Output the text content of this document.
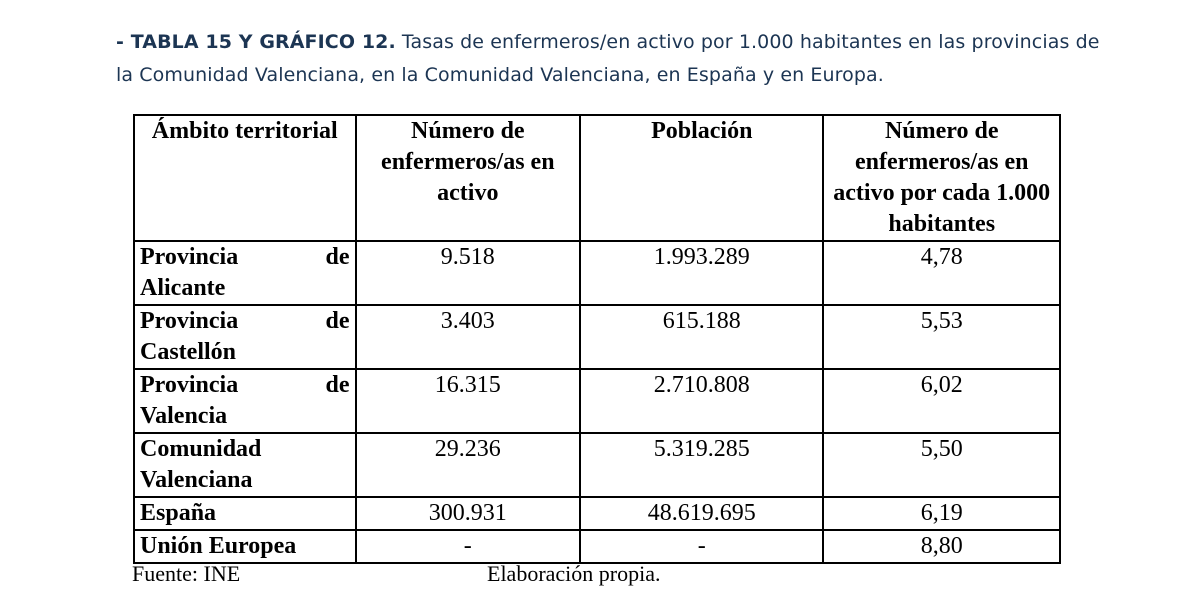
- TABLA 15 Y GRÁFICO 12. Tasas de enfermeros/en activo por 1.000 habitantes en las provincias de la Comunidad Valenciana, en la Comunidad Valenciana, en España y en Europa.
Ámbito territorial	Número de enfermeros/as en activo	Población	Número de enfermeros/as en activo por cada 1.000 habitantes
Provincia de Alicante	9.518	1.993.289	4,78
Provincia de Castellón	3.403	615.188	5,53
Provincia de Valencia	16.315	2.710.808	6,02
Comunidad Valenciana	29.236	5.319.285	5,50
España	300.931	48.619.695	6,19
Unión Europea	-	-	8,80
Fuente: INE	Elaboración propia.
